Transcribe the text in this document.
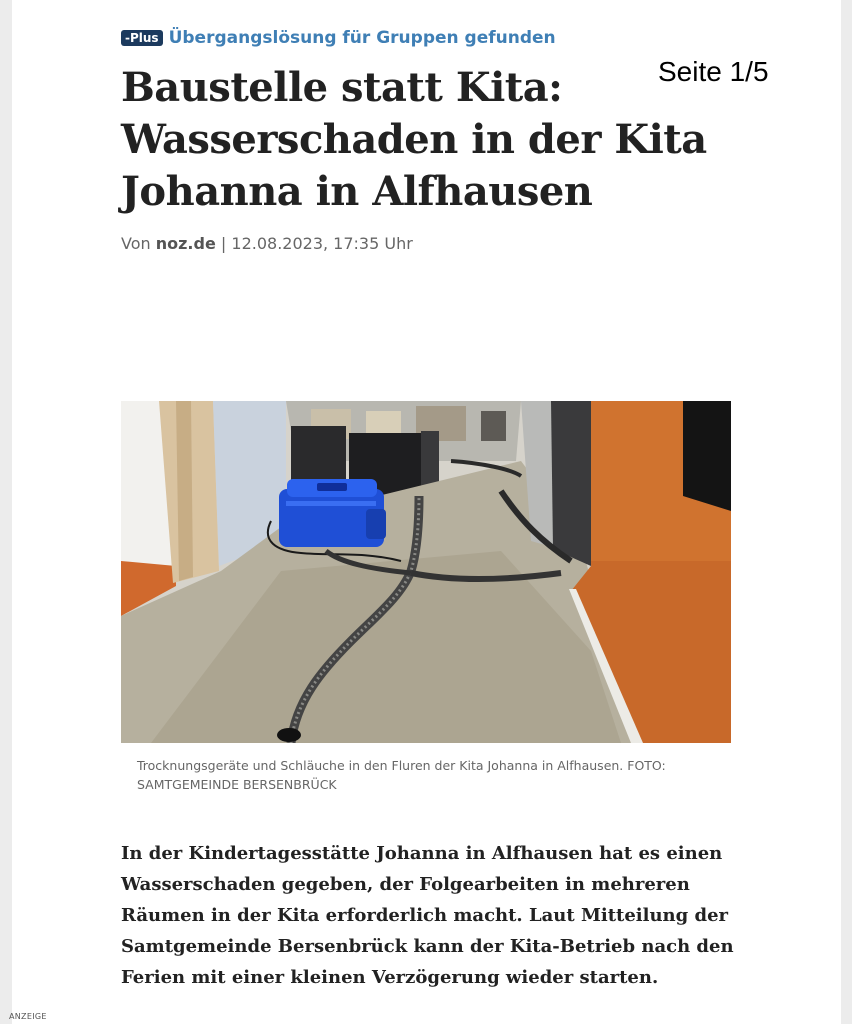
-Plus Übergangslösung für Gruppen gefunden
Seite 1/5
Baustelle statt Kita: Wasserschaden in der Kita Johanna in Alfhausen
Von noz.de | 12.08.2023, 17:35 Uhr
Trocknungsgeräte und Schläuche in den Fluren der Kita Johanna in Alfhausen. FOTO: SAMTGEMEINDE BERSENBRÜCK

In der Kindertagesstätte Johanna in Alfhausen hat es einen Wasserschaden gegeben, der Folgearbeiten in mehreren Räumen in der Kita erforderlich macht. Laut Mitteilung der Samtgemeinde Bersenbrück kann der Kita-Betrieb nach den Ferien mit einer kleinen Verzögerung wieder starten.

ANZEIGE
